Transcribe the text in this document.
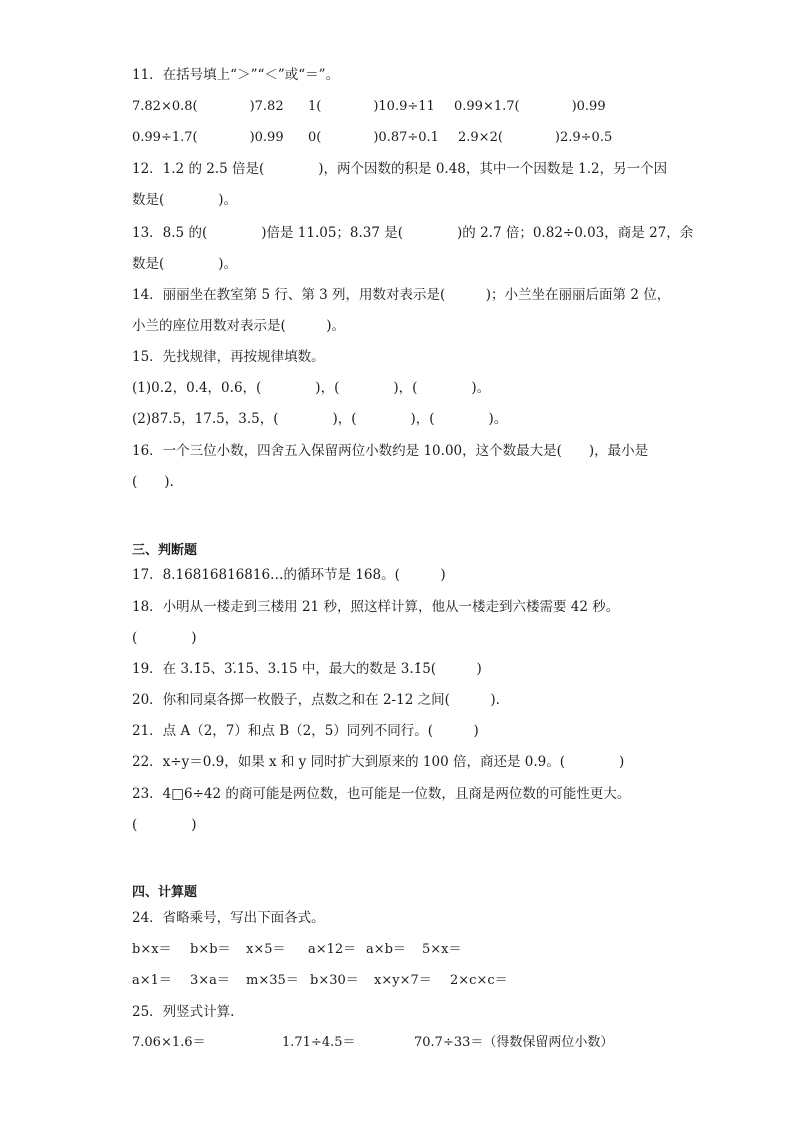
11．在括号填上“＞”“＜”或“＝”。
7.82×0.8(　　　　)7.82 1(　　　　)10.9÷11 0.99×1.7(　　　　)0.99
0.99÷1.7(　　　　)0.99 0(　　　　)0.87÷0.1 2.9×2(　　　　)2.9÷0.5
12．1.2 的 2.5 倍是(　　　　)，两个因数的积是 0.48，其中一个因数是 1.2，另一个因
数是(　　　　)。
13．8.5 的(　　　　)倍是 11.05；8.37 是(　　　　)的 2.7 倍；0.82÷0.03，商是 27，余
数是(　　　　)。
14．丽丽坐在教室第 5 行、第 3 列，用数对表示是(　　　)；小兰坐在丽丽后面第 2 位，
小兰的座位用数对表示是(　　　)。
15．先找规律，再按规律填数。
(1)0.2，0.4，0.6，(　　　　)，(　　　　)，(　　　　)。
(2)87.5，17.5，3.5，(　　　　)，(　　　　)，(　　　　)。
16．一个三位小数，四舍五入保留两位小数约是 10.00，这个数最大是(　　)，最小是
(　　).
三、判断题
17．8.16816816816…的循环节是 168。(　　　)
18．小明从一楼走到三楼用 21 秒，照这样计算，他从一楼走到六楼需要 42 秒。
(　　　　)
19．在 3.1̇5̇、3.̇15̇、3.15 中，最大的数是 3.1̇5̇(　　　)
20．你和同桌各掷一枚骰子，点数之和在 2-12 之间(　　　).
21．点 A（2，7）和点 B（2，5）同列不同行。(　　　)
22．x÷y＝0.9，如果 x 和 y 同时扩大到原来的 100 倍，商还是 0.9。(　　　　)
23．4□6÷42 的商可能是两位数，也可能是一位数，且商是两位数的可能性更大。
(　　　　)
四、计算题
24．省略乘号，写出下面各式。
b×x＝ b×b＝ x×5＝ a×12＝ a×b＝ 5×x＝
a×1＝ 3×a＝ m×35＝ b×30＝ x×y×7＝ 2×c×c＝
25．列竖式计算.
7.06×1.6＝	1.71÷4.5＝	70.7÷33＝（得数保留两位小数）
